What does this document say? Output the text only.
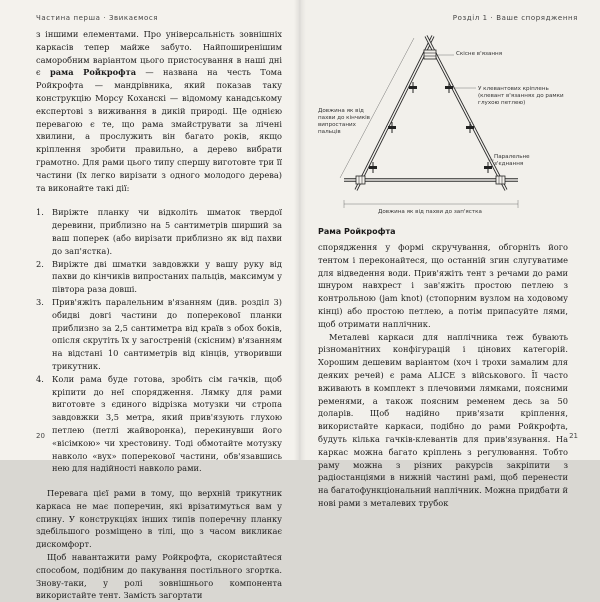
Частина перша · Звикаємося

з іншими елементами. Про універсальність зовнішніх каркасів тепер майже забуто. Найпоширенішим саморобним варіантом цього пристосування в наші дні є рама Ройкрофта — названа на честь Тома Ройкрофта — мандрівника, який показав таку конструкцію Морсу Коханскі — відомому канадському експертові з виживання в дикій природі. Ще однією перевагою є те, що рама змайструвати за лічені хвилини, а прослужить він багато років, якщо кріплення зробити правильно, а дерево вибрати грамотно. Для рами цього типу спершу виготовте три її частини (їх легко вирізати з одного молодого дерева) та виконайте такі дії:

1. Виріжте планку чи відколіть шматок твердої деревини, приблизно на 5 сантиметрів ширший за ваш поперек (або вирізати приблизно як від пахви до зап'ястка).
2. Виріжте дві шматки завдовжки у вашу руку від пахви до кінчиків випростаних пальців, максимум у півтора раза довші.
3. Прив'яжіть паралельним в'язанням (див. розділ 3) обидві довгі частини до поперекової планки приблизно за 2,5 сантиметра від країв з обох боків, опісля скрутіть їх у загостреній (скісним) в'язанням на відстані 10 сантиметрів від кінців, утворивши трикутник.
4. Коли рама буде готова, зробіть сім гачків, щоб кріпити до неї спорядження. Лямку для рами виготовте з єдиного відрізка мотузки чи стропа завдовжки 3,5 метра, який прив'язують глухою петлею (петлі жайворонка), перекинувши його «вісімкою» чи хрестовину. Тоді обмотайте мотузку навколо «вух» поперекової частини, обв'язавшись нею для надійності навколо рами.

Перевага цієї рами в тому, що верхній трикутник каркаса не має поперечин, які врізатимуться вам у спину. У конструкціях інших типів поперечну планку здебільшого розміщено в тілі, що з часом викликає дискомфорт.

Щоб навантажити раму Ройкрофта, скористайтеся способом, подібним до пакування постільного згортка. Знову-таки, у ролі зовнішнього компонента використайте тент. Замість загортати

20
Розділ 1 · Ваше спорядження
Скісне в'язання
У клевантових кріплень (клевант в'язаннях до рамки глухою петлею)
Довжина як від пахви до кінчиків випростаних пальців
Паралельне з'єднання
Довжина як від пахви до зап'ястка
Рама Ройкрофта

спорядження у формі скручування, обгорніть його тентом і переконайтеся, що останній згин слугуватиме для відведення води. Прив'яжіть тент з речами до рами шнуром навхрест і зав'яжіть простою петлею з контрольною (jam knot) (стопорним вузлом на ходовому кінці) або простою петлею, а потім припасуйте лями, щоб отримати наплічник.

Металеві каркаси для наплічника теж бувають різноманітних конфігурацій і цінових категорій. Хорошим дешевим варіантом (хоч і трохи замалим для деяких речей) є рама ALICE з військового. Її часто вживають в комплект з плечовими лямками, поясними ременями, а також поясним ременем десь за 50 доларів. Щоб надійно прив'язати кріплення, використайте каркаси, подібно до рами Ройкрофта, будуть кілька гачків-клевантів для прив'язування. На каркас можна багато кріплень з регулювання. Тобто раму можна з різних ракурсів закріпити з радіостанціями в нижній частині рамі, щоб перенести на багатофункціональний наплічник. Можна придбати й нові рами з металевих трубок

21
